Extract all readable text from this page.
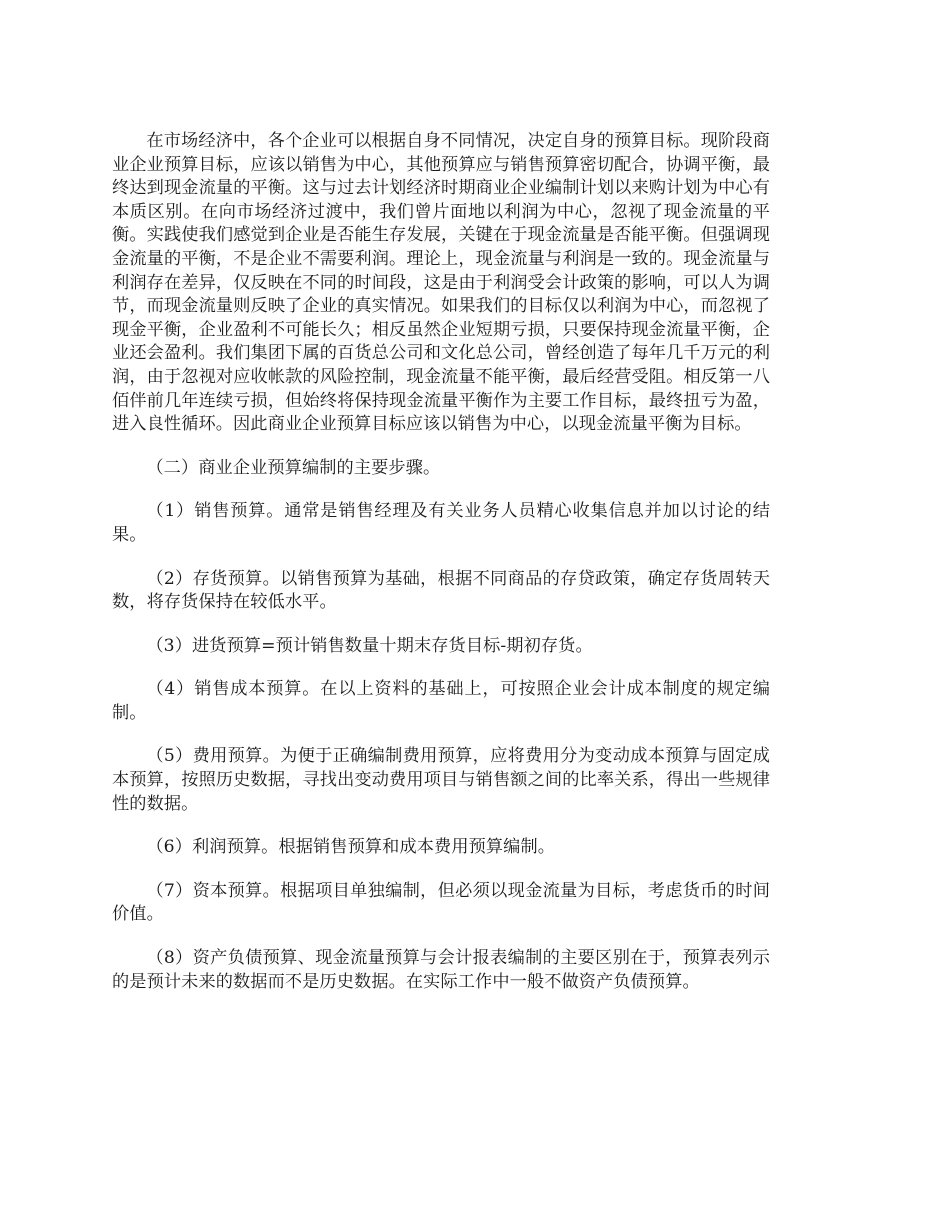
在市场经济中，各个企业可以根据自身不同情况，决定自身的预算目标。现阶段商业企业预算目标，应该以销售为中心，其他预算应与销售预算密切配合，协调平衡，最终达到现金流量的平衡。这与过去计划经济时期商业企业编制计划以来购计划为中心有本质区别。在向市场经济过渡中，我们曾片面地以利润为中心，忽视了现金流量的平衡。实践使我们感觉到企业是否能生存发展，关键在于现金流量是否能平衡。但强调现金流量的平衡，不是企业不需要利润。理论上，现金流量与利润是一致的。现金流量与利润存在差异，仅反映在不同的时间段，这是由于利润受会计政策的影响，可以人为调节，而现金流量则反映了企业的真实情况。如果我们的目标仅以利润为中心，而忽视了现金平衡，企业盈利不可能长久；相反虽然企业短期亏损，只要保持现金流量平衡，企业还会盈利。我们集团下属的百货总公司和文化总公司，曾经创造了每年几千万元的利润，由于忽视对应收帐款的风险控制，现金流量不能平衡，最后经营受阻。相反第一八佰伴前几年连续亏损，但始终将保持现金流量平衡作为主要工作目标，最终扭亏为盈，进入良性循环。因此商业企业预算目标应该以销售为中心，以现金流量平衡为目标。

（二）商业企业预算编制的主要步骤。

（1）销售预算。通常是销售经理及有关业务人员精心收集信息并加以讨论的结果。

（2）存货预算。以销售预算为基础，根据不同商品的存贷政策，确定存货周转天数，将存货保持在较低水平。

（3）进货预算=预计销售数量十期末存货目标-期初存货。

（4）销售成本预算。在以上资料的基础上，可按照企业会计成本制度的规定编制。

（5）费用预算。为便于正确编制费用预算，应将费用分为变动成本预算与固定成本预算，按照历史数据，寻找出变动费用项目与销售额之间的比率关系，得出一些规律性的数据。

（6）利润预算。根据销售预算和成本费用预算编制。

（7）资本预算。根据项目单独编制，但必须以现金流量为目标，考虑货币的时间价值。

（8）资产负债预算、现金流量预算与会计报表编制的主要区别在于，预算表列示的是预计未来的数据而不是历史数据。在实际工作中一般不做资产负债预算。
